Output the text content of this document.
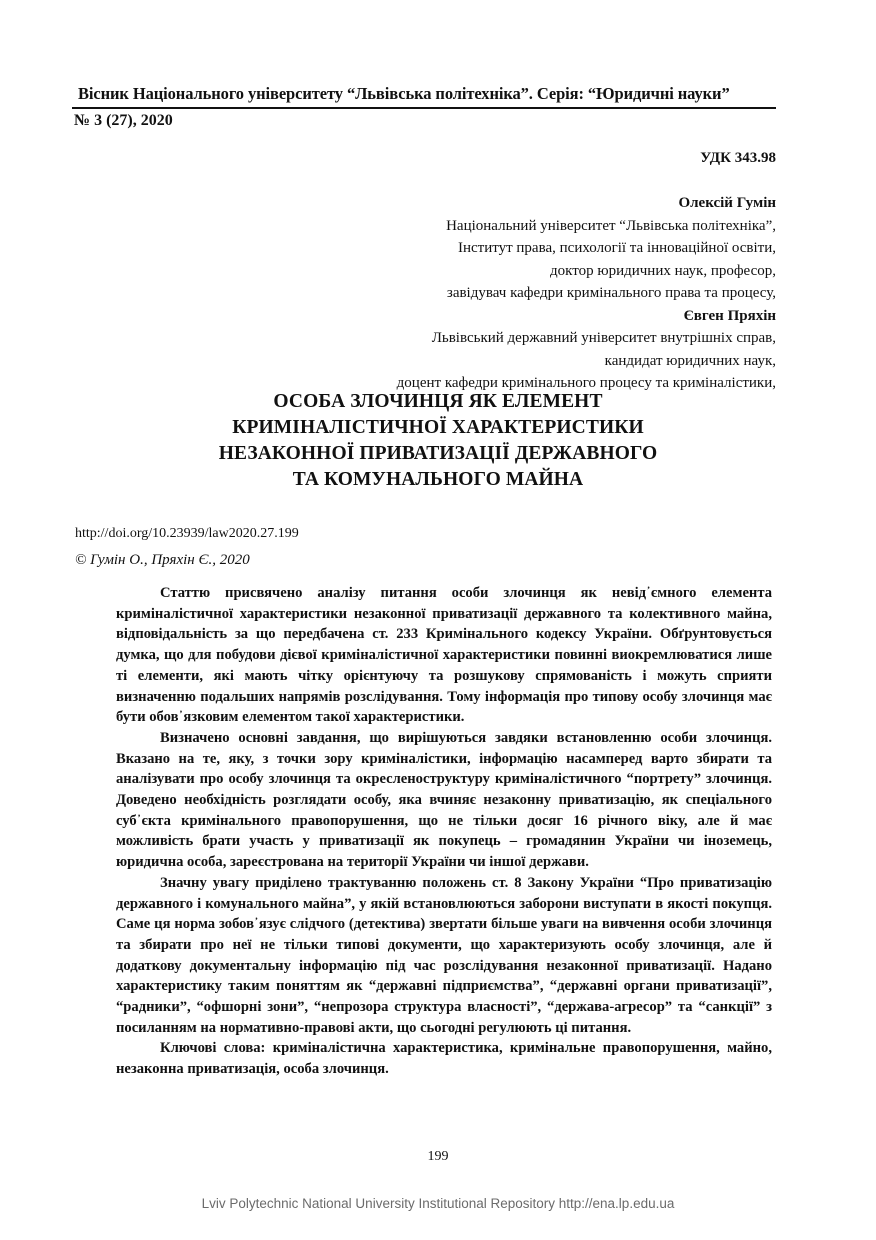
Вісник Національного університету “Львівська політехніка”. Серія: “Юридичні науки”
№ 3 (27), 2020
УДК 343.98
Олексій Гумін
Національний університет “Львівська політехніка”,
Інститут права, психології та інноваційної освіти,
доктор юридичних наук, професор,
завідувач кафедри кримінального права та процесу,
Євген Пряхін
Львівський державний університет внутрішніх справ,
кандидат юридичних наук,
доцент кафедри кримінального процесу та криміналістики,
ОСОБА ЗЛОЧИНЦЯ ЯК ЕЛЕМЕНТ
КРИМІНАЛІСТИЧНОЇ ХАРАКТЕРИСТИКИ
НЕЗАКОННОЇ ПРИВАТИЗАЦІЇ ДЕРЖАВНОГО
ТА КОМУНАЛЬНОГО МАЙНА
http://doi.org/10.23939/law2020.27.199
© Гумін О., Пряхін Є., 2020

Статтю присвячено аналізу питання особи злочинця як невід᾽ємного елемента криміналістичної характеристики незаконної приватизації державного та колективного майна, відповідальність за що передбачена ст. 233 Кримінального кодексу України. Обґрунтовується думка, що для побудови дієвої криміналістичної характеристики повинні виокремлюватися лише ті елементи, які мають чітку орієнтуючу та розшукову спрямованість і можуть сприяти визначенню подальших напрямів розслідування. Тому інформація про типову особу злочинця має бути обов᾽язковим елементом такої характеристики.

Визначено основні завдання, що вирішуються завдяки встановленню особи злочинця. Вказано на те, яку, з точки зору криміналістики, інформацію насамперед варто збирати та аналізувати про особу злочинця та окресленоструктуру криміналістичного “портрету” злочинця. Доведено необхідність розглядати особу, яка вчиняє незаконну приватизацію, як спеціального суб᾽єкта кримінального правопорушення, що не тільки досяг 16 річного віку, але й має можливість брати участь у приватизації як покупець – громадянин України чи іноземець, юридична особа, зареєстрована на території України чи іншої держави.

Значну увагу приділено трактуванню положень ст. 8 Закону України “Про приватизацію державного і комунального майна”, у якій встановлюються заборони виступати в якості покупця. Саме ця норма зобов᾽язує слідчого (детектива) звертати більше уваги на вивчення особи злочинця та збирати про неї не тільки типові документи, що характеризують особу злочинця, але й додаткову документальну інформацію під час розслідування незаконної приватизації. Надано характеристику таким поняттям як “державні підприємства”, “державні органи приватизації”, “радники”, “офшорні зони”, “непрозора структура власності”, “держава-агресор” та “санкції” з посиланням на нормативно-правові акти, що сьогодні регулюють ці питання.

Ключові слова: криміналістична характеристика, кримінальне правопорушення, майно, незаконна приватизація, особа злочинця.

199
Lviv Polytechnic National University Institutional Repository http://ena.lp.edu.ua
